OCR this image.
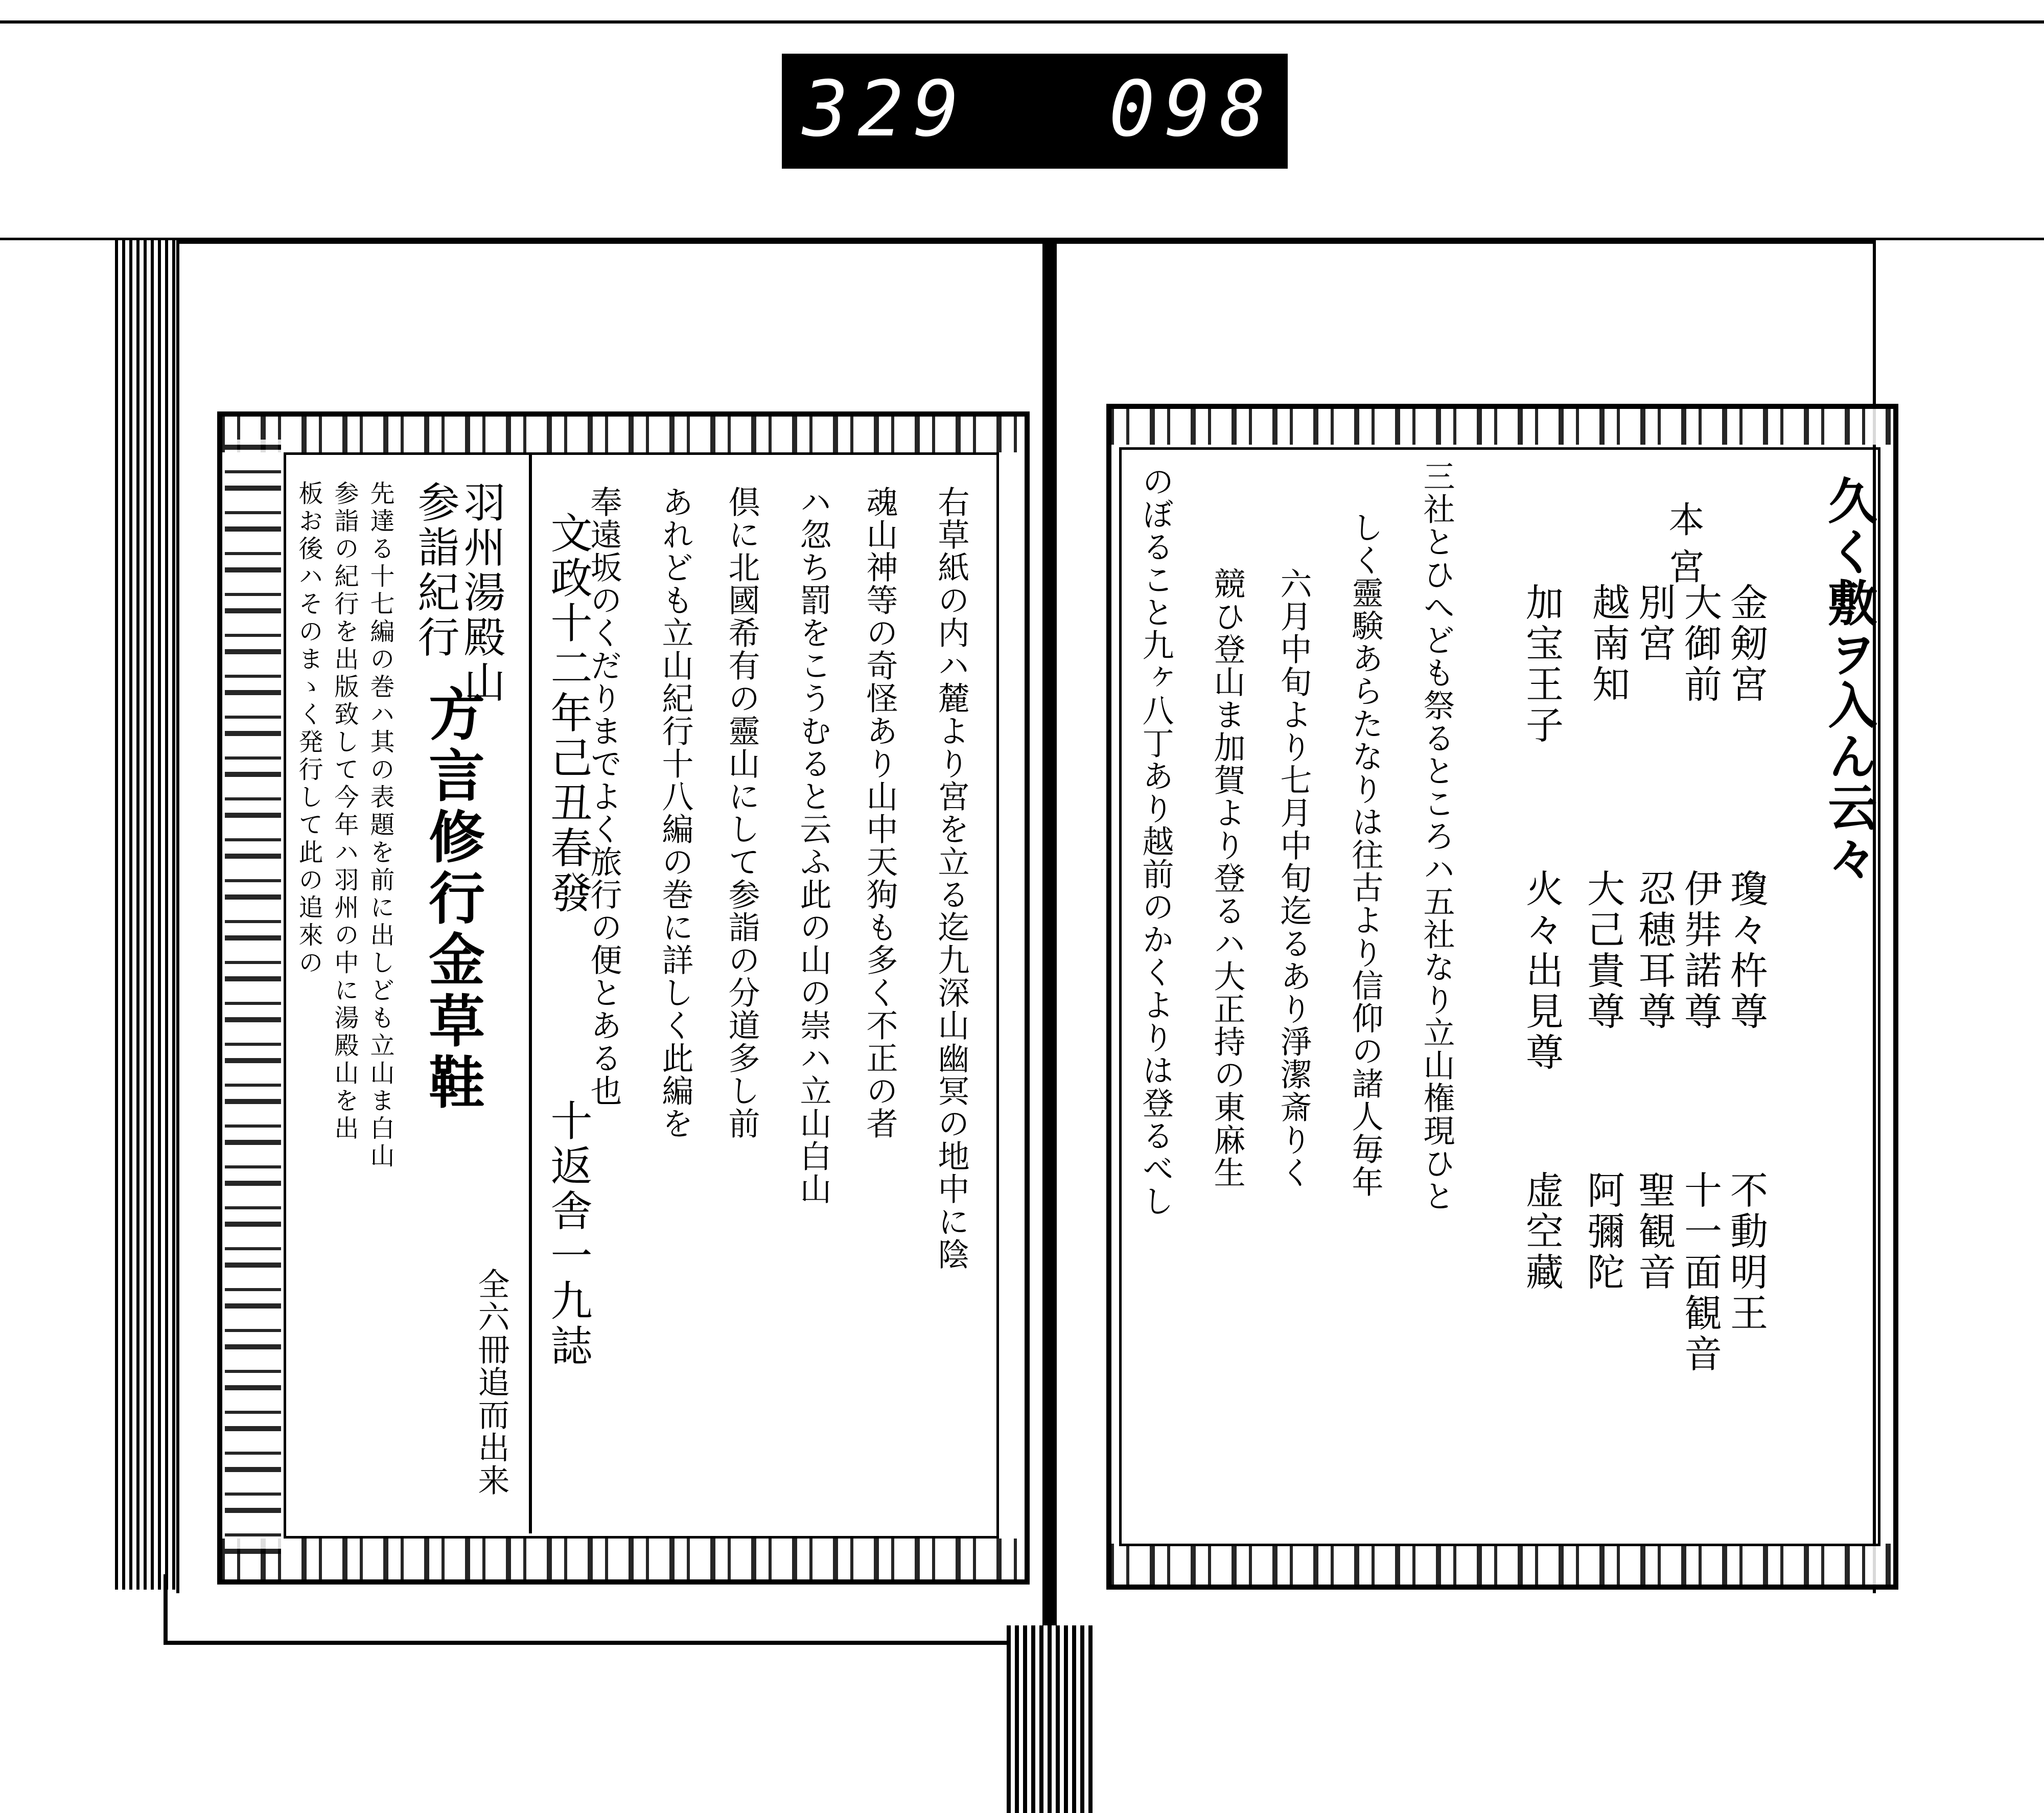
329 098.
久く敷ヲ入ん云々
本宮
金剱宮
大御前
別宮
越南知
加宝王子
瓊々杵尊
伊弉諾尊
忍穂耳尊
大己貴尊
火々出見尊
不動明王
十一面観音
聖観音
阿彌陀
虚空藏
三社とひへども祭るところハ五社なり立山権現ひと
しく靈験あらたなりは往古より信仰の諸人毎年
六月中旬より七月中旬迄るあり淨潔斎りく
競ひ登山ま加賀より登るハ大正持の東麻生
のぼること九ヶ八丁あり越前のかくよりは登るべし
右草紙の内ハ麓より宮を立る迄九深山幽冥の地中に陰
魂山神等の奇怪あり山中天狗も多く不正の者
ハ忽ち罰をこうむると云ふ此の山の崇ハ立山白山
倶に北國希有の靈山にして参詣の分道多し前
あれども立山紀行十八編の巻に詳しく此編を
奉遠坂のくだりまでよく旅行の便とある也
文政十二年己丑春發
十返舎一九誌
羽州湯殿山
参詣紀行
方言修行金草鞋
全六冊追而出来
先達る十七編の巻ハ其の表題を前に出しども立山ま白山
参詣の紀行を出版致して今年ハ羽州の中に湯殿山を出
板お後ハそのまゝく発行して此の追來の
